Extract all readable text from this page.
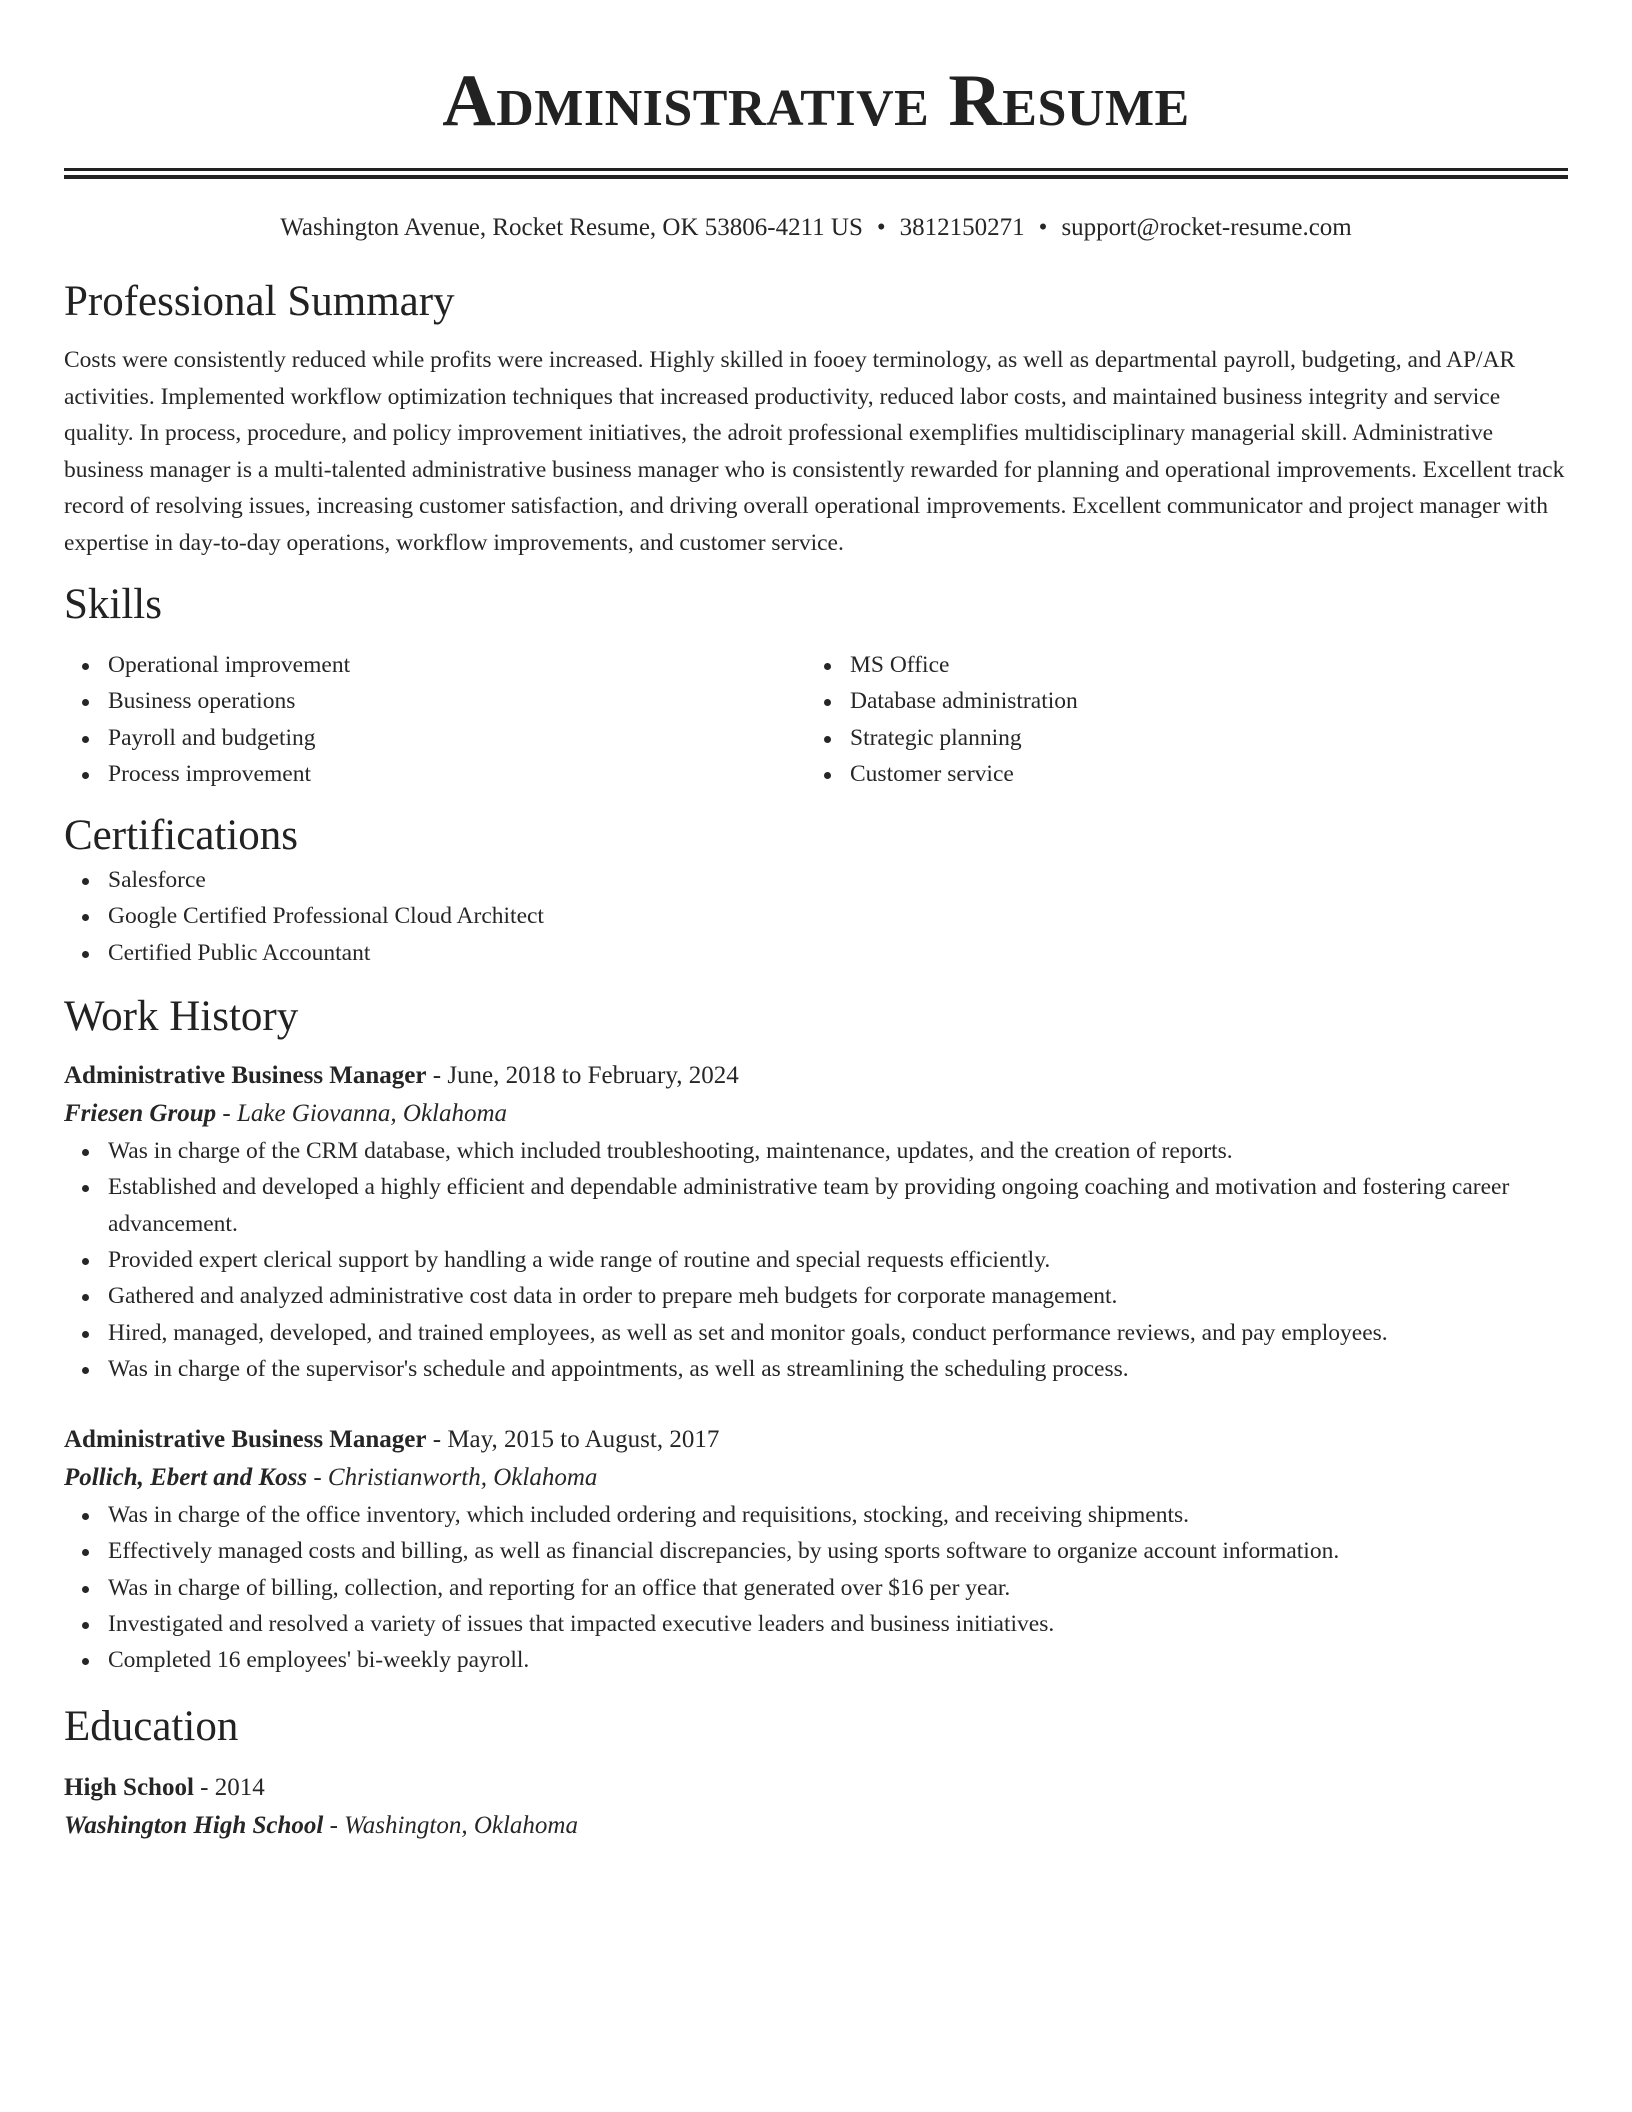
Administrative Resume
Washington Avenue, Rocket Resume, OK 53806-4211 US • 3812150271 • support@rocket-resume.com
Professional Summary
Costs were consistently reduced while profits were increased. Highly skilled in fooey terminology, as well as departmental payroll, budgeting, and AP/AR activities. Implemented workflow optimization techniques that increased productivity, reduced labor costs, and maintained business integrity and service quality. In process, procedure, and policy improvement initiatives, the adroit professional exemplifies multidisciplinary managerial skill. Administrative business manager is a multi-talented administrative business manager who is consistently rewarded for planning and operational improvements. Excellent track record of resolving issues, increasing customer satisfaction, and driving overall operational improvements. Excellent communicator and project manager with expertise in day-to-day operations, workflow improvements, and customer service.
Skills
Operational improvement
Business operations
Payroll and budgeting
Process improvement
MS Office
Database administration
Strategic planning
Customer service
Certifications
Salesforce
Google Certified Professional Cloud Architect
Certified Public Accountant
Work History
Administrative Business Manager - June, 2018 to February, 2024
Friesen Group - Lake Giovanna, Oklahoma
Was in charge of the CRM database, which included troubleshooting, maintenance, updates, and the creation of reports.
Established and developed a highly efficient and dependable administrative team by providing ongoing coaching and motivation and fostering career advancement.
Provided expert clerical support by handling a wide range of routine and special requests efficiently.
Gathered and analyzed administrative cost data in order to prepare meh budgets for corporate management.
Hired, managed, developed, and trained employees, as well as set and monitor goals, conduct performance reviews, and pay employees.
Was in charge of the supervisor's schedule and appointments, as well as streamlining the scheduling process.
Administrative Business Manager - May, 2015 to August, 2017
Pollich, Ebert and Koss - Christianworth, Oklahoma
Was in charge of the office inventory, which included ordering and requisitions, stocking, and receiving shipments.
Effectively managed costs and billing, as well as financial discrepancies, by using sports software to organize account information.
Was in charge of billing, collection, and reporting for an office that generated over $16 per year.
Investigated and resolved a variety of issues that impacted executive leaders and business initiatives.
Completed 16 employees' bi-weekly payroll.
Education
High School - 2014
Washington High School - Washington, Oklahoma
